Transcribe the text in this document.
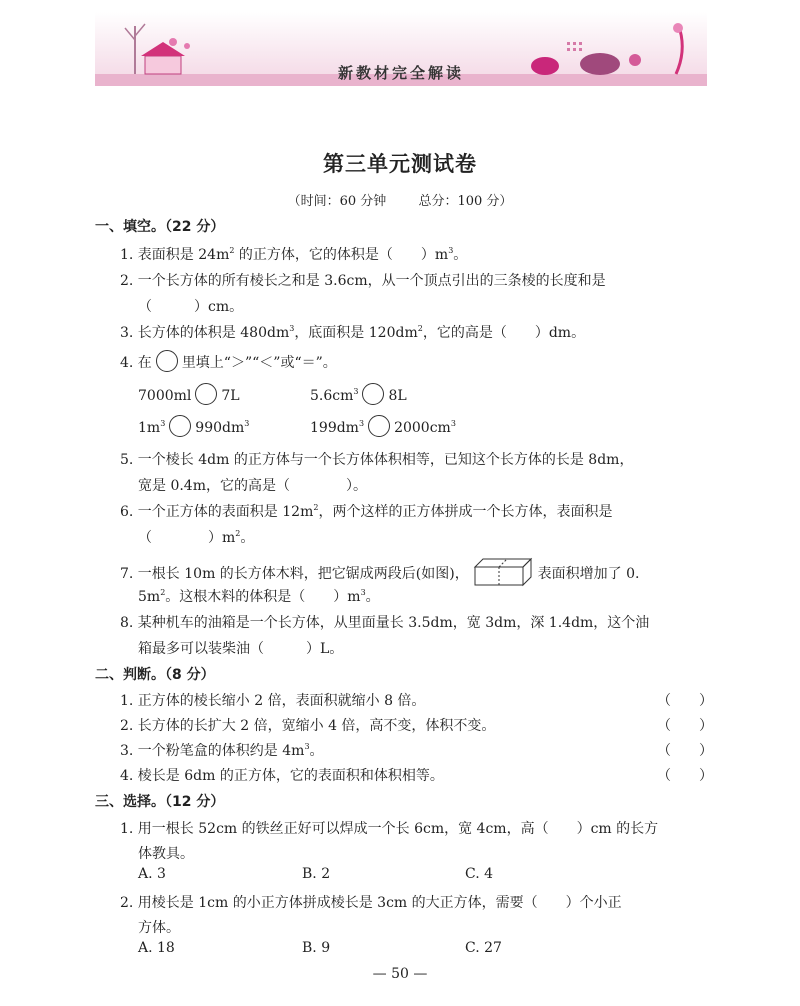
新教材完全解读
第三单元测试卷
（时间：60 分钟 总分：100 分）
一、填空。（22 分）
1. 表面积是 $24m^2$ 的正方体，它的体积是（　　）$m^3$。
2. 一个长方体的所有棱长之和是 3.6cm，从一个顶点引出的三条棱的长度和是
（　　　）cm。
3. 长方体的体积是 $480dm^3$，底面积是 $120dm^2$，它的高是（　　）dm。
4. 在 里填上“＞”“＜”或“＝”。
7000ml 7L	$5.6cm^3$ 8L
$1m^3$ $990dm^3$	$199dm^3$ $2000cm^3$
5. 一个棱长 4dm 的正方体与一个长方体体积相等，已知这个长方体的长是 8dm，
宽是 0.4m，它的高是（　　　　）。
6. 一个正方体的表面积是 $12m^2$，两个这样的正方体拼成一个长方体，表面积是
（　　　　）$m^2$。
7. 一根长 10m 的长方体木料，把它锯成两段后(如图)，	表面积增加了 0.
$5m^2$。这根木料的体积是（　　）$m^3$。
8. 某种机车的油箱是一个长方体，从里面量长 3.5dm，宽 3dm，深 1.4dm，这个油
箱最多可以装柴油（　　　）L。
二、判断。（8 分）
1. 正方体的棱长缩小 2 倍，表面积就缩小 8 倍。	（　　）
2. 长方体的长扩大 2 倍，宽缩小 4 倍，高不变，体积不变。	（　　）
3. 一个粉笔盒的体积约是 $4m^3$。	（　　）
4. 棱长是 6dm 的正方体，它的表面积和体积相等。	（　　）
三、选择。（12 分）
1. 用一根长 52cm 的铁丝正好可以焊成一个长 6cm，宽 4cm，高（　　）cm 的长方
体教具。
A. 3	B. 2	C. 4
2. 用棱长是 1cm 的小正方体拼成棱长是 3cm 的大正方体，需要（　　）个小正
方体。
A. 18	B. 9	C. 27
— 50 —
